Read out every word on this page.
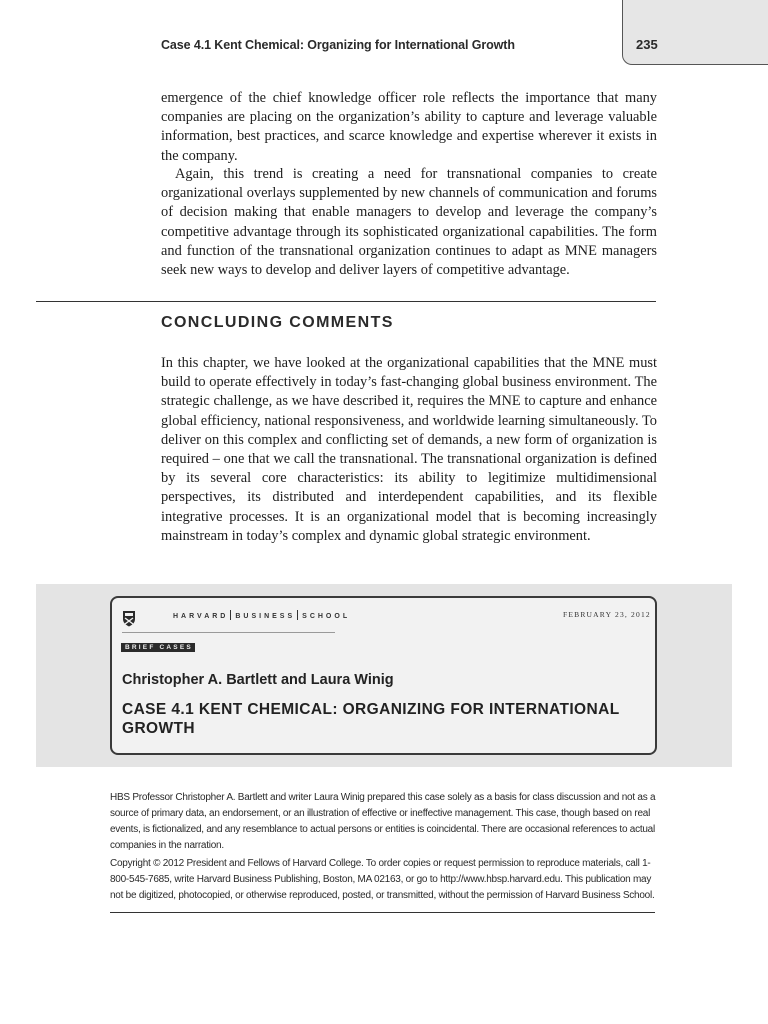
Case 4.1 Kent Chemical: Organizing for International Growth	235

emergence of the chief knowledge officer role reflects the importance that many companies are placing on the organization’s ability to capture and leverage valuable information, best practices, and scarce knowledge and expertise wherever it exists in the company.

Again, this trend is creating a need for transnational companies to create organizational overlays supplemented by new channels of communication and forums of decision making that enable managers to develop and leverage the company’s competitive advantage through its sophisticated organizational capabilities. The form and function of the transnational organization continues to adapt as MNE managers seek new ways to develop and deliver layers of competitive advantage.

CONCLUDING COMMENTS

In this chapter, we have looked at the organizational capabilities that the MNE must build to operate effectively in today’s fast-changing global business environment. The strategic challenge, as we have described it, requires the MNE to capture and enhance global efficiency, national responsiveness, and worldwide learning simultaneously. To deliver on this complex and conflicting set of demands, a new form of organization is required – one that we call the transnational. The transnational organization is defined by its several core characteristics: its ability to legitimize multidimensional perspectives, its distributed and interdependent capabilities, and its flexible integrative processes. It is an organizational model that is becoming increasingly mainstream in today’s complex and dynamic global strategic environment.

HARVARD BUSINESS SCHOOL
BRIEF CASES
FEBRUARY 23, 2012
Christopher A. Bartlett and Laura Winig
CASE 4.1 KENT CHEMICAL: ORGANIZING FOR INTERNATIONAL GROWTH

HBS Professor Christopher A. Bartlett and writer Laura Winig prepared this case solely as a basis for class discussion and not as a source of primary data, an endorsement, or an illustration of effective or ineffective management. This case, though based on real events, is fictionalized, and any resemblance to actual persons or entities is coincidental. There are occasional references to actual companies in the narration.

Copyright © 2012 President and Fellows of Harvard College. To order copies or request permission to reproduce materials, call 1-800-545-7685, write Harvard Business Publishing, Boston, MA 02163, or go to http://www.hbsp.harvard.edu. This publication may not be digitized, photocopied, or otherwise reproduced, posted, or transmitted, without the permission of Harvard Business School.
